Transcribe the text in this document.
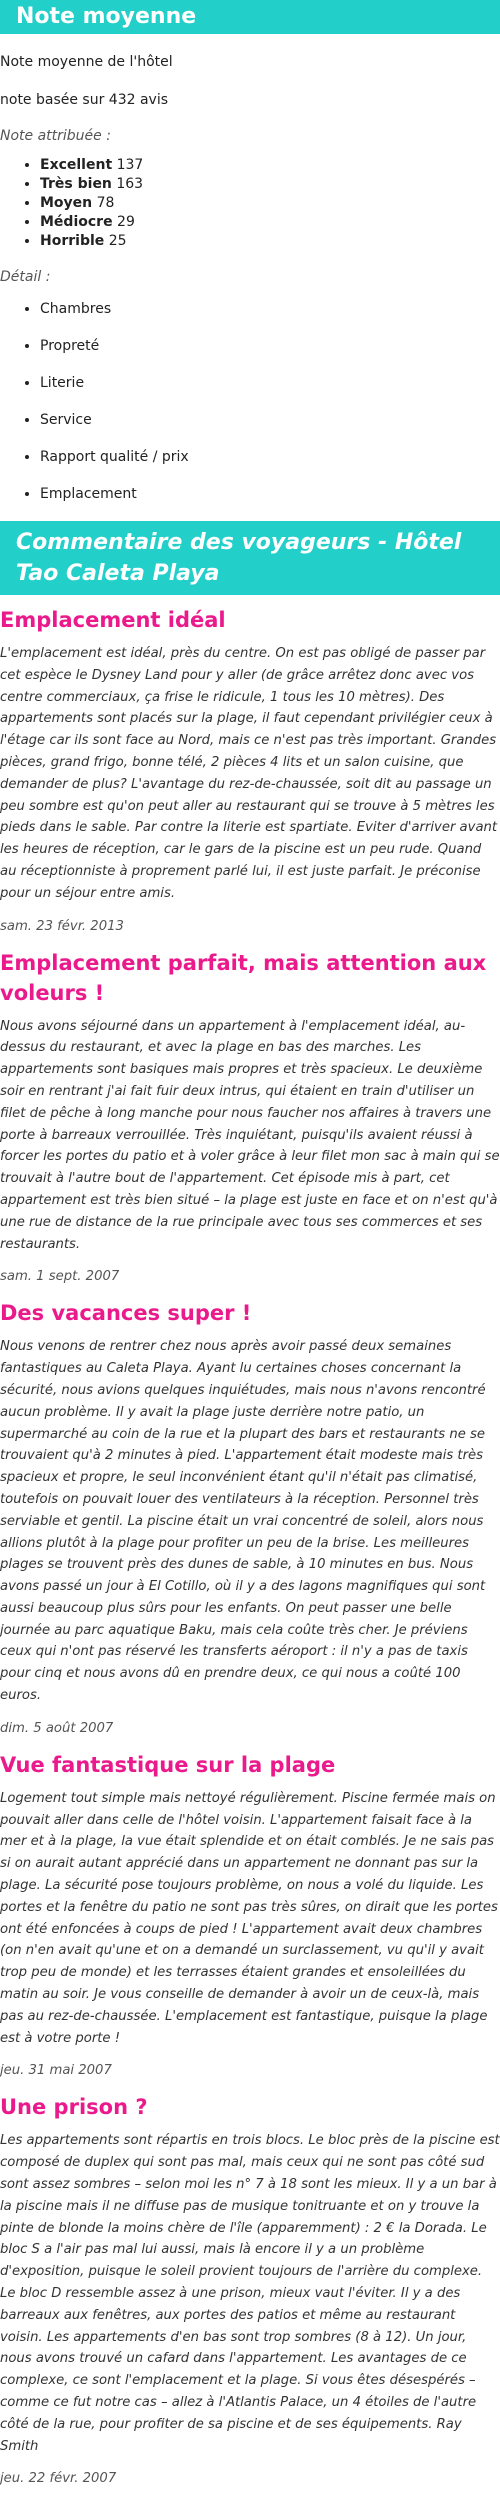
Note moyenne

Note moyenne de l'hôtel

note basée sur 432 avis

Note attribuée :

• Excellent 137
• Très bien 163
• Moyen 78
• Médiocre 29
• Horrible 25

Détail :

• Chambres
• Propreté
• Literie
• Service
• Rapport qualité / prix
• Emplacement
Commentaire des voyageurs - Hôtel Tao Caleta Playa
Emplacement idéal

L'emplacement est idéal, près du centre. On est pas obligé de passer par cet espèce le Dysney Land pour y aller (de grâce arrêtez donc avec vos centre commerciaux, ça frise le ridicule, 1 tous les 10 mètres). Des appartements sont placés sur la plage, il faut cependant privilégier ceux à l'étage car ils sont face au Nord, mais ce n'est pas très important. Grandes pièces, grand frigo, bonne télé, 2 pièces 4 lits et un salon cuisine, que demander de plus? L'avantage du rez-de-chaussée, soit dit au passage un peu sombre est qu'on peut aller au restaurant qui se trouve à 5 mètres les pieds dans le sable. Par contre la literie est spartiate. Eviter d'arriver avant les heures de réception, car le gars de la piscine est un peu rude. Quand au réceptionniste à proprement parlé lui, il est juste parfait. Je préconise pour un séjour entre amis.

sam. 23 févr. 2013

Emplacement parfait, mais attention aux voleurs !

Nous avons séjourné dans un appartement à l'emplacement idéal, au-dessus du restaurant, et avec la plage en bas des marches. Les appartements sont basiques mais propres et très spacieux. Le deuxième soir en rentrant j'ai fait fuir deux intrus, qui étaient en train d'utiliser un filet de pêche à long manche pour nous faucher nos affaires à travers une porte à barreaux verrouillée. Très inquiétant, puisqu'ils avaient réussi à forcer les portes du patio et à voler grâce à leur filet mon sac à main qui se trouvait à l'autre bout de l'appartement. Cet épisode mis à part, cet appartement est très bien situé – la plage est juste en face et on n'est qu'à une rue de distance de la rue principale avec tous ses commerces et ses restaurants.

sam. 1 sept. 2007

Des vacances super !

Nous venons de rentrer chez nous après avoir passé deux semaines fantastiques au Caleta Playa. Ayant lu certaines choses concernant la sécurité, nous avions quelques inquiétudes, mais nous n'avons rencontré aucun problème. Il y avait la plage juste derrière notre patio, un supermarché au coin de la rue et la plupart des bars et restaurants ne se trouvaient qu'à 2 minutes à pied. L'appartement était modeste mais très spacieux et propre, le seul inconvénient étant qu'il n'était pas climatisé, toutefois on pouvait louer des ventilateurs à la réception. Personnel très serviable et gentil. La piscine était un vrai concentré de soleil, alors nous allions plutôt à la plage pour profiter un peu de la brise. Les meilleures plages se trouvent près des dunes de sable, à 10 minutes en bus. Nous avons passé un jour à El Cotillo, où il y a des lagons magnifiques qui sont aussi beaucoup plus sûrs pour les enfants. On peut passer une belle journée au parc aquatique Baku, mais cela coûte très cher. Je préviens ceux qui n'ont pas réservé les transferts aéroport : il n'y a pas de taxis pour cinq et nous avons dû en prendre deux, ce qui nous a coûté 100 euros.

dim. 5 août 2007

Vue fantastique sur la plage

Logement tout simple mais nettoyé régulièrement. Piscine fermée mais on pouvait aller dans celle de l'hôtel voisin. L'appartement faisait face à la mer et à la plage, la vue était splendide et on était comblés. Je ne sais pas si on aurait autant apprécié dans un appartement ne donnant pas sur la plage. La sécurité pose toujours problème, on nous a volé du liquide. Les portes et la fenêtre du patio ne sont pas très sûres, on dirait que les portes ont été enfoncées à coups de pied ! L'appartement avait deux chambres (on n'en avait qu'une et on a demandé un surclassement, vu qu'il y avait trop peu de monde) et les terrasses étaient grandes et ensoleillées du matin au soir. Je vous conseille de demander à avoir un de ceux-là, mais pas au rez-de-chaussée. L'emplacement est fantastique, puisque la plage est à votre porte !

jeu. 31 mai 2007

Une prison ?

Les appartements sont répartis en trois blocs. Le bloc près de la piscine est composé de duplex qui sont pas mal, mais ceux qui ne sont pas côté sud sont assez sombres – selon moi les n° 7 à 18 sont les mieux. Il y a un bar à la piscine mais il ne diffuse pas de musique tonitruante et on y trouve la pinte de blonde la moins chère de l'île (apparemment) : 2 € la Dorada. Le bloc S a l'air pas mal lui aussi, mais là encore il y a un problème d'exposition, puisque le soleil provient toujours de l'arrière du complexe. Le bloc D ressemble assez à une prison, mieux vaut l'éviter. Il y a des barreaux aux fenêtres, aux portes des patios et même au restaurant voisin. Les appartements d'en bas sont trop sombres (8 à 12). Un jour, nous avons trouvé un cafard dans l'appartement. Les avantages de ce complexe, ce sont l'emplacement et la plage. Si vous êtes désespérés – comme ce fut notre cas – allez à l'Atlantis Palace, un 4 étoiles de l'autre côté de la rue, pour profiter de sa piscine et de ses équipements. Ray Smith

jeu. 22 févr. 2007
